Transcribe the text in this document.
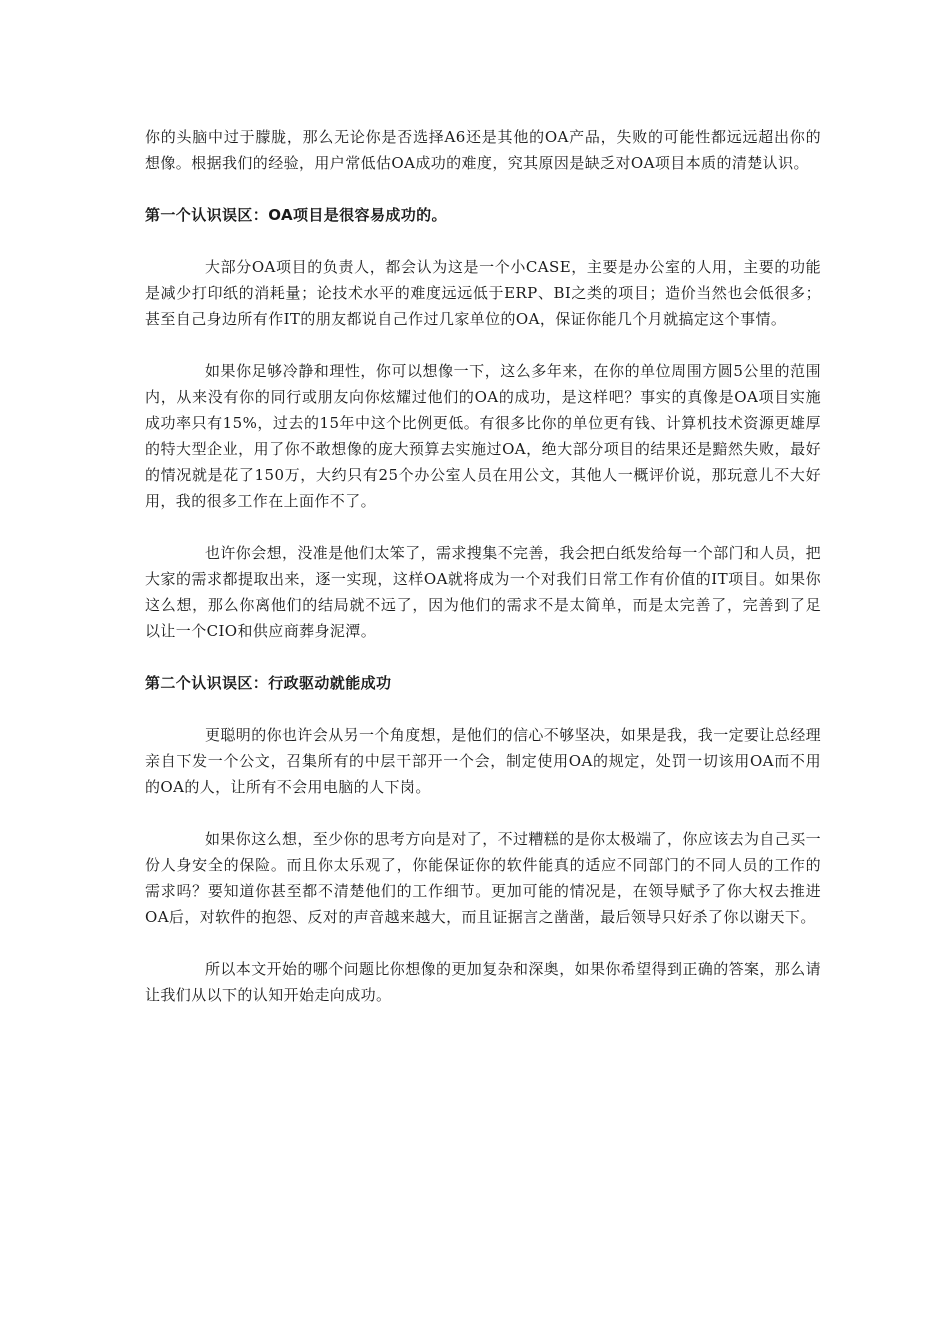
你的头脑中过于朦胧，那么无论你是否选择A6还是其他的OA产品，失败的可能性都远远超出你的想像。根据我们的经验，用户常低估OA成功的难度，究其原因是缺乏对OA项目本质的清楚认识。

第一个认识误区：OA项目是很容易成功的。

大部分OA项目的负责人，都会认为这是一个小CASE，主要是办公室的人用，主要的功能是减少打印纸的消耗量；论技术水平的难度远远低于ERP、BI之类的项目；造价当然也会低很多；甚至自己身边所有作IT的朋友都说自己作过几家单位的OA，保证你能几个月就搞定这个事情。

如果你足够冷静和理性，你可以想像一下，这么多年来，在你的单位周围方圆5公里的范围内，从来没有你的同行或朋友向你炫耀过他们的OA的成功，是这样吧？事实的真像是OA项目实施成功率只有15%，过去的15年中这个比例更低。有很多比你的单位更有钱、计算机技术资源更雄厚的特大型企业，用了你不敢想像的庞大预算去实施过OA，绝大部分项目的结果还是黯然失败，最好的情况就是花了150万，大约只有25个办公室人员在用公文，其他人一概评价说，那玩意儿不大好用，我的很多工作在上面作不了。

也许你会想，没准是他们太笨了，需求搜集不完善，我会把白纸发给每一个部门和人员，把大家的需求都提取出来，逐一实现，这样OA就将成为一个对我们日常工作有价值的IT项目。如果你这么想，那么你离他们的结局就不远了，因为他们的需求不是太简单，而是太完善了，完善到了足以让一个CIO和供应商葬身泥潭。

第二个认识误区：行政驱动就能成功

更聪明的你也许会从另一个角度想，是他们的信心不够坚决，如果是我，我一定要让总经理亲自下发一个公文，召集所有的中层干部开一个会，制定使用OA的规定，处罚一切该用OA而不用的OA的人，让所有不会用电脑的人下岗。

如果你这么想，至少你的思考方向是对了，不过糟糕的是你太极端了，你应该去为自己买一份人身安全的保险。而且你太乐观了，你能保证你的软件能真的适应不同部门的不同人员的工作的需求吗？要知道你甚至都不清楚他们的工作细节。更加可能的情况是，在领导赋予了你大权去推进OA后，对软件的抱怨、反对的声音越来越大，而且证据言之凿凿，最后领导只好杀了你以谢天下。

所以本文开始的哪个问题比你想像的更加复杂和深奥，如果你希望得到正确的答案，那么请让我们从以下的认知开始走向成功。
